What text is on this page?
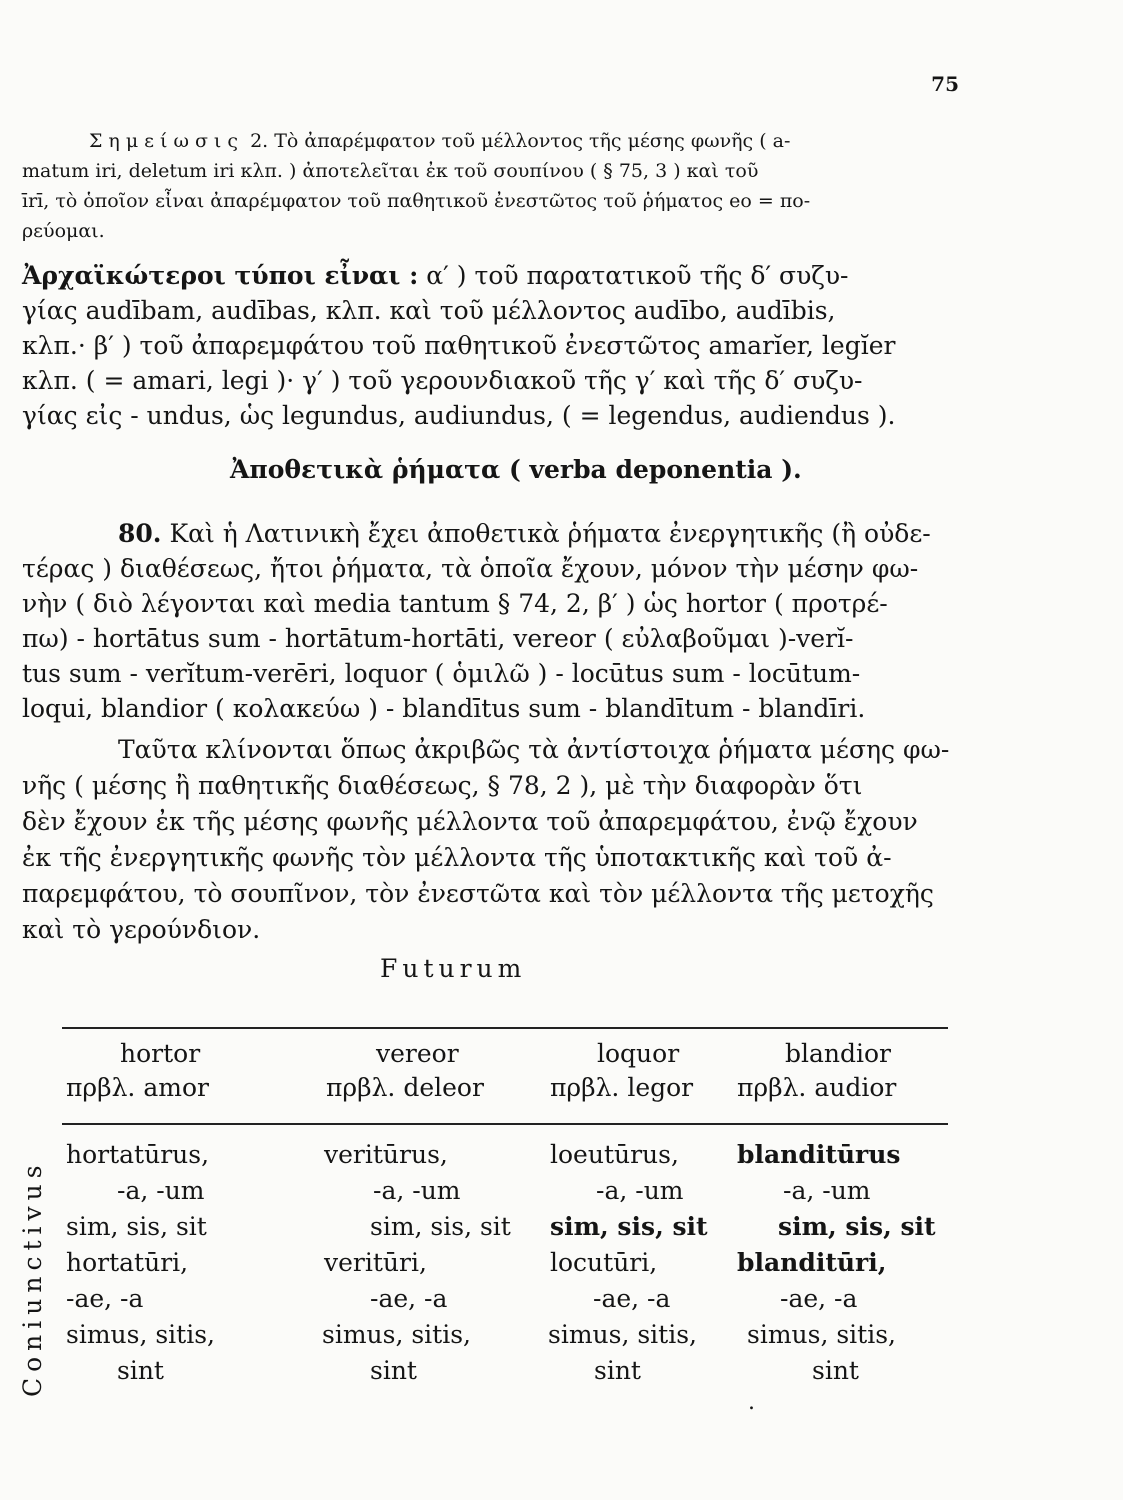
75
Σημείωσις 2. Τὸ ἀπαρέμφατον τοῦ μέλλοντος τῆς μέσης φωνῆς ( a-
matum iri, deletum iri κλπ. ) ἀποτελεῖται ἐκ τοῦ σουπίνου ( § 75, 3 ) καὶ τοῦ
īrī, τὸ ὁποῖον εἶναι ἀπαρέμφατον τοῦ παθητικοῦ ἐνεστῶτος τοῦ ῥήματος eo = πο-
ρεύομαι.
Ἀρχαϊκώτεροι τύποι εἶναι : α′ ) τοῦ παρατατικοῦ τῆς δ′ συζυ-
γίας audībam, audības, κλπ. καὶ τοῦ μέλλοντος audībo, audībis,
κλπ.· β′ ) τοῦ ἀπαρεμφάτου τοῦ παθητικοῦ ἐνεστῶτος amarĭer, legĭer
κλπ. ( = amari, legi )· γ′ ) τοῦ γερουνδιακοῦ τῆς γ′ καὶ τῆς δ′ συζυ-
γίας εἰς - undus, ὡς legundus, audiundus, ( = legendus, audiendus ).
Ἀποθετικὰ ῥήματα ( verba deponentia ).
80. Καὶ ἡ Λατινικὴ ἔχει ἀποθετικὰ ῥήματα ἐνεργητικῆς (ἢ οὐδε-
τέρας ) διαθέσεως, ἤτοι ῥήματα, τὰ ὁποῖα ἔχουν, μόνον τὴν μέσην φω-
νὴν ( διὸ λέγονται καὶ media tantum § 74, 2, β′ ) ὡς hortor ( προτρέ-
πω) - hortātus sum - hortātum-hortāti, vereor ( εὐλαβοῦμαι )-verĭ-
tus sum - verĭtum-verēri, loquor ( ὁμιλῶ ) - locūtus sum - locūtum-
loqui, blandior ( κολακεύω ) - blandītus sum - blandītum - blandīri.
Ταῦτα κλίνονται ὅπως ἀκριβῶς τὰ ἀντίστοιχα ῥήματα μέσης φω-
νῆς ( μέσης ἢ παθητικῆς διαθέσεως, § 78, 2 ), μὲ τὴν διαφορὰν ὅτι
δὲν ἔχουν ἐκ τῆς μέσης φωνῆς μέλλοντα τοῦ ἀπαρεμφάτου, ἐνῷ ἔχουν
ἐκ τῆς ἐνεργητικῆς φωνῆς τὸν μέλλοντα τῆς ὑποτακτικῆς καὶ τοῦ ἀ-
παρεμφάτου, τὸ σουπῖνον, τὸν ἐνεστῶτα καὶ τὸν μέλλοντα τῆς μετοχῆς
καὶ τὸ γερούνδιον.
Futurum
hortor	vereor	loquor	blandior
πρβλ. amor	πρβλ. deleor	πρβλ. legor πρβλ. audior
Coniunctivus
hortatūrus,	veritūrus,	loeutūrus, blanditūrus
-a, -um	-a, -um	-a, -um	-a, -um
sim, sis, sit	sim, sis, sit sim, sis, sit	sim, sis, sit
hortatūri,	veritūri,	locutūri,	blanditūri,
-ae, -a	-ae, -a	-ae, -a	-ae, -a
simus, sitis,	simus, sitis,	simus, sitis, simus, sitis,
sint	sint	sint	sint
.
